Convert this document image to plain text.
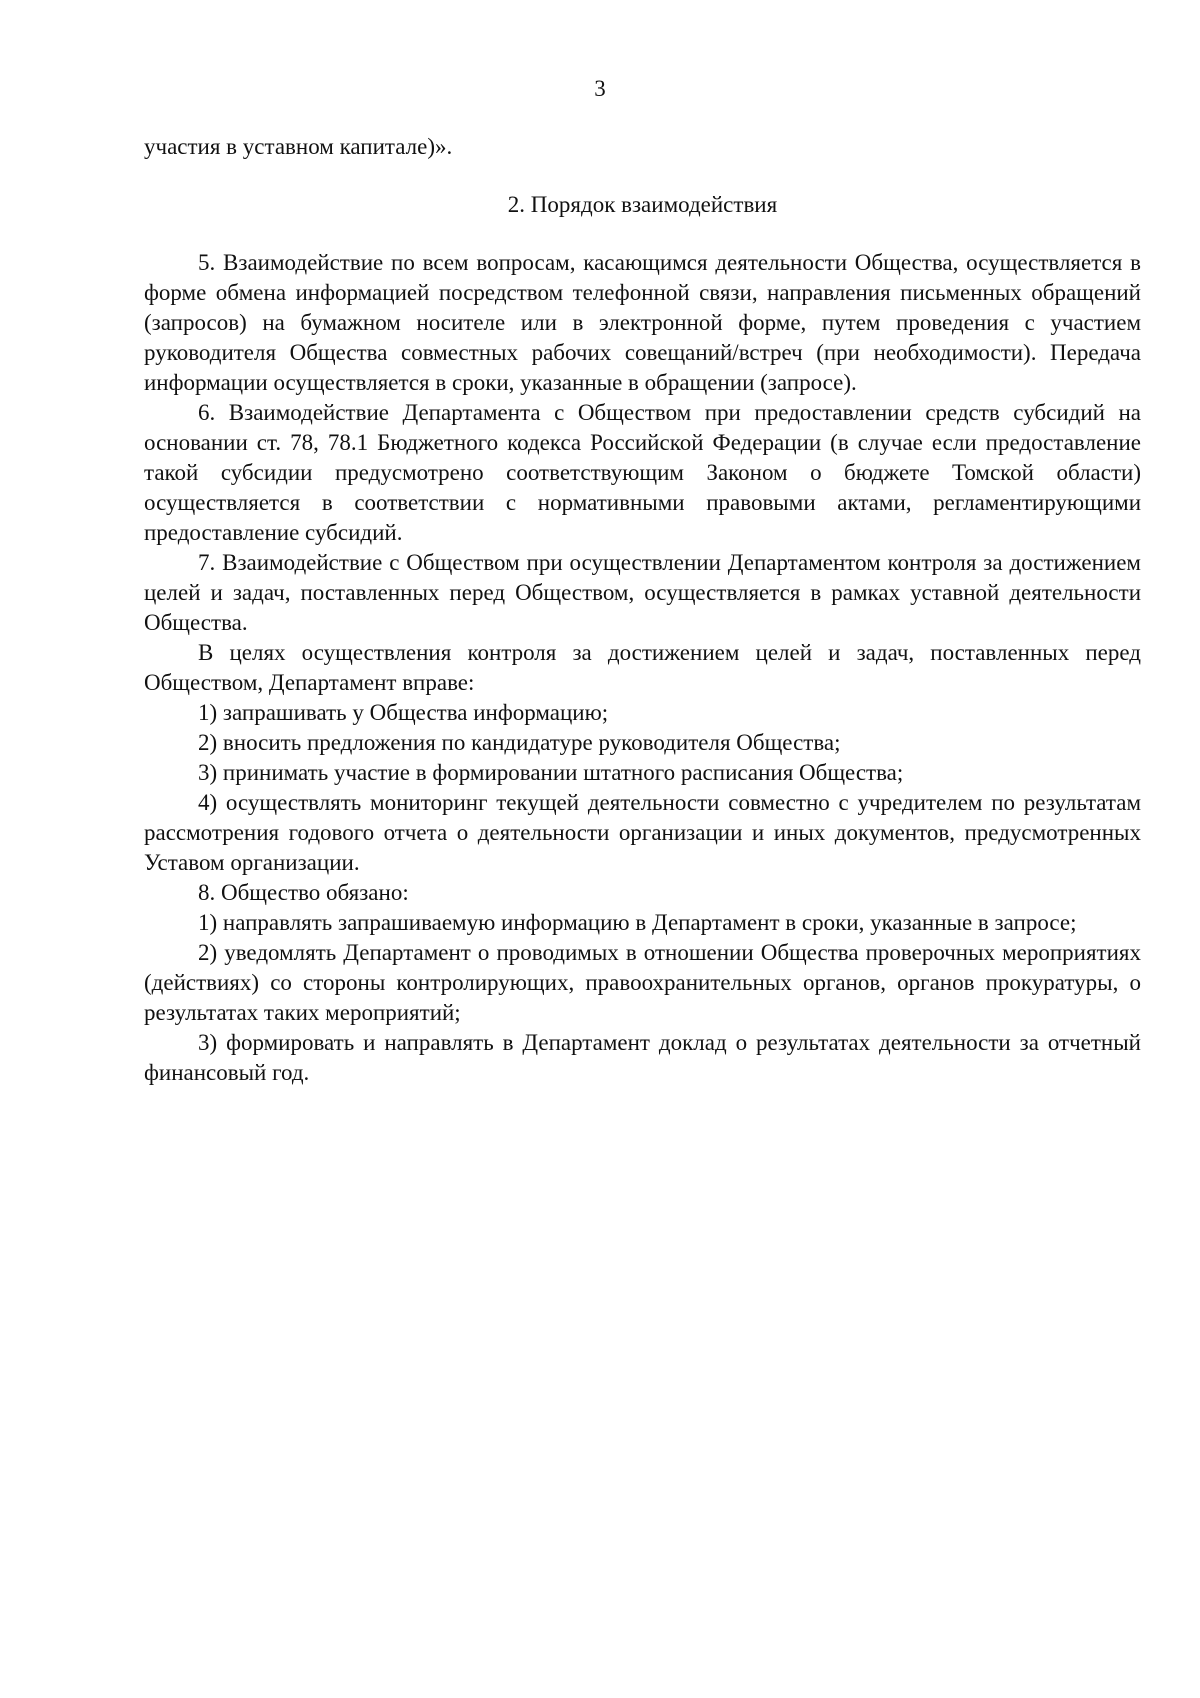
3

участия в уставном капитале)».

2. Порядок взаимодействия

5. Взаимодействие по всем вопросам, касающимся деятельности Общества, осуществляется в форме обмена информацией посредством телефонной связи, направления письменных обращений (запросов) на бумажном носителе или в электронной форме, путем проведения с участием руководителя Общества совместных рабочих совещаний/встреч (при необходимости). Передача информации осуществляется в сроки, указанные в обращении (запросе).

6. Взаимодействие Департамента с Обществом при предоставлении средств субсидий на основании ст. 78, 78.1 Бюджетного кодекса Российской Федерации (в случае если предоставление такой субсидии предусмотрено соответствующим Законом о бюджете Томской области) осуществляется в соответствии с нормативными правовыми актами, регламентирующими предоставление субсидий.

7. Взаимодействие с Обществом при осуществлении Департаментом контроля за достижением целей и задач, поставленных перед Обществом, осуществляется в рамках уставной деятельности Общества.

В целях осуществления контроля за достижением целей и задач, поставленных перед Обществом, Департамент вправе:

1) запрашивать у Общества информацию;

2) вносить предложения по кандидатуре руководителя Общества;

3) принимать участие в формировании штатного расписания Общества;

4) осуществлять мониторинг текущей деятельности совместно с учредителем по результатам рассмотрения годового отчета о деятельности организации и иных документов, предусмотренных Уставом организации.

8. Общество обязано:

1) направлять запрашиваемую информацию в Департамент в сроки, указанные в запросе;

2) уведомлять Департамент о проводимых в отношении Общества проверочных мероприятиях (действиях) со стороны контролирующих, правоохранительных органов, органов прокуратуры, о результатах таких мероприятий;

3) формировать и направлять в Департамент доклад о результатах деятельности за отчетный финансовый год.
